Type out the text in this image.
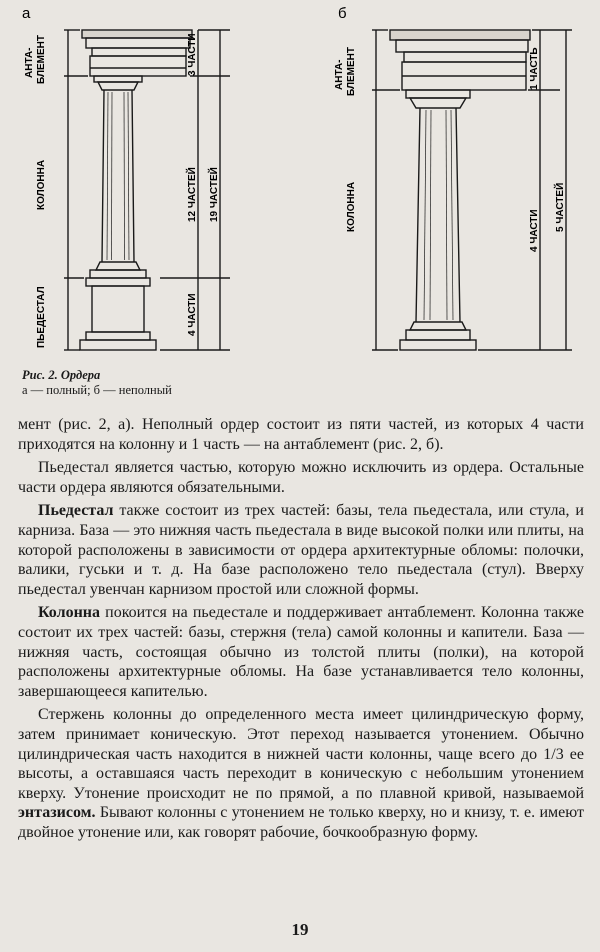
а	б
АНТА- БЛЕМЕНТ
КОЛОННА
ПЬЕДЕСТАЛ
3 ЧАСТИ
12 ЧАСТЕЙ 19 ЧАСТЕЙ
4 ЧАСТИ
АНТА- БЛЕМЕНТ
КОЛОННА
1 ЧАСТЬ
4 ЧАСТИ 5 ЧАСТЕЙ
Рис. 2. Ордера
а — полный; б — неполный

мент (рис. 2, а). Неполный ордер состоит из пяти частей, из которых 4 части приходятся на колонну и 1 часть — на антаблемент (рис. 2, б).

Пьедестал является частью, которую можно исключить из ордера. Остальные части ордера являются обязательными.

Пьедестал также состоит из трех частей: базы, тела пьедестала, или стула, и карниза. База — это нижняя часть пьедестала в виде высокой полки или плиты, на которой расположены в зависимости от ордера архитектурные обломы: полочки, валики, гуськи и т. д. На базе расположено тело пьедестала (стул). Вверху пьедестал увенчан карнизом простой или сложной формы.

Колонна покоится на пьедестале и поддерживает антаблемент. Колонна также состоит их трех частей: базы, стержня (тела) самой колонны и капители. База — нижняя часть, состоящая обычно из толстой плиты (полки), на которой расположены архитектурные обломы. На базе устанавливается тело колонны, завершающееся капителью.

Стержень колонны до определенного места имеет цилиндрическую форму, затем принимает коническую. Этот переход называется утонением. Обычно цилиндрическая часть находится в нижней части колонны, чаще всего до 1/3 ее высоты, а оставшаяся часть переходит в коническую с небольшим утонением кверху. Утонение происходит не по прямой, а по плавной кривой, называемой энтазисом. Бывают колонны с утонением не только кверху, но и книзу, т. е. имеют двойное утонение или, как говорят рабочие, бочкообразную форму.

19
